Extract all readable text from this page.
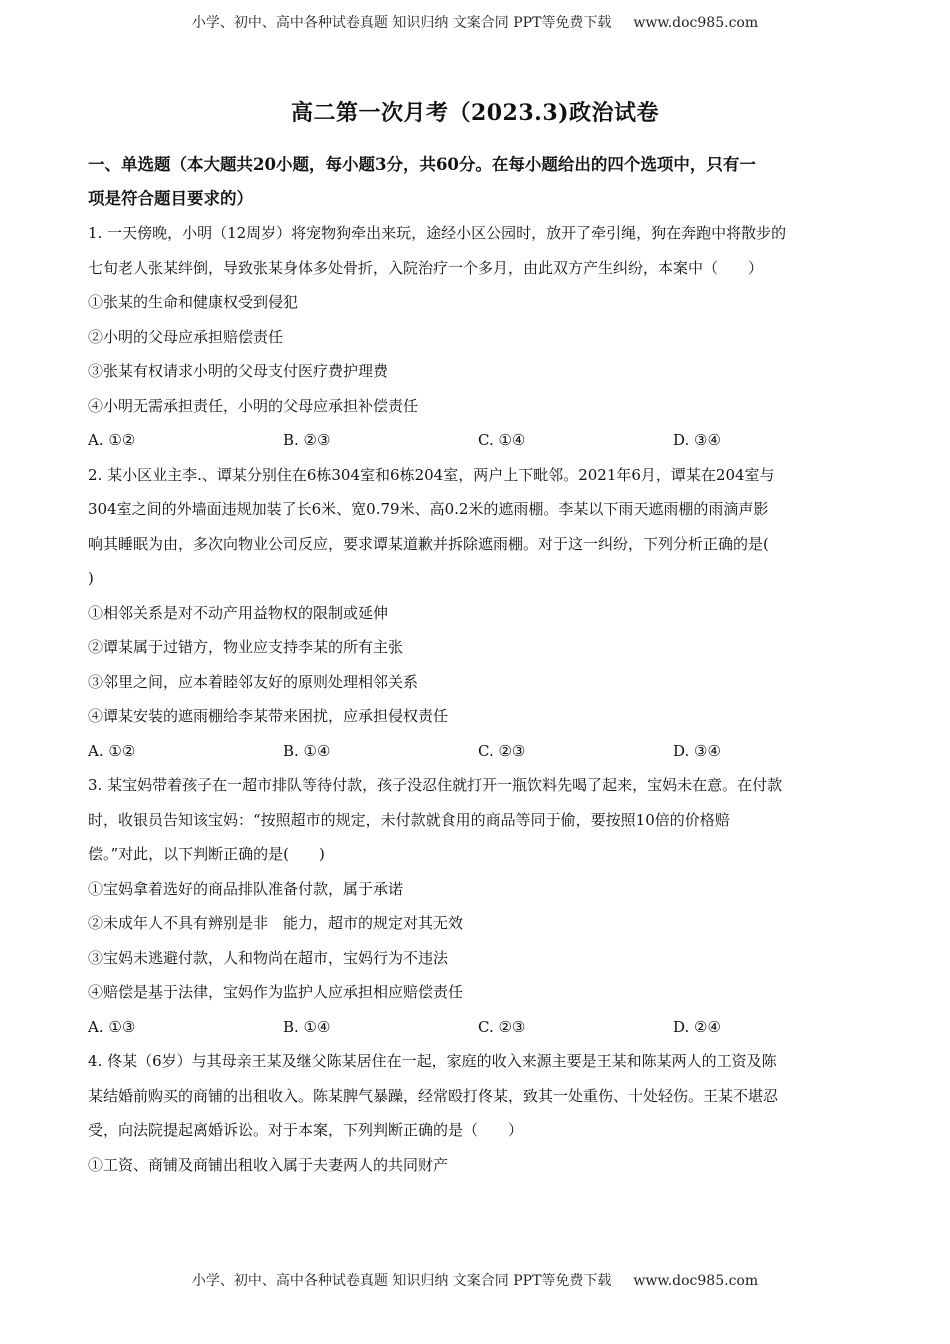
小学、初中、高中各种试卷真题 知识归纳 文案合同 PPT等免费下载 www.doc985.com
高二第一次月考（2023.3)政治试卷
一、单选题（本大题共20小题，每小题3分，共60分。在每小题给出的四个选项中，只有一
项是符合题目要求的）
1. 一天傍晚，小明（12周岁）将宠物狗牵出来玩，途经小区公园时，放开了牵引绳，狗在奔跑中将散步的
七旬老人张某绊倒，导致张某身体多处骨折，入院治疗一个多月，由此双方产生纠纷，本案中（　　）
①张某的生命和健康权受到侵犯
②小明的父母应承担赔偿责任
③张某有权请求小明的父母支付医疗费护理费
④小明无需承担责任，小明的父母应承担补偿责任
A. ①②	B. ②③	C. ①④	D. ③④
2. 某小区业主李.、谭某分别住在6栋304室和6栋204室，两户上下毗邻。2021年6月，谭某在204室与
304室之间的外墙面违规加装了长6米、宽0.79米、高0.2米的遮雨棚。李某以下雨天遮雨棚的雨滴声影
响其睡眠为由，多次向物业公司反应，要求谭某道歉并拆除遮雨棚。对于这一纠纷，下列分析正确的是(
)
①相邻关系是对不动产用益物权的限制或延伸
②谭某属于过错方，物业应支持李某的所有主张
③邻里之间，应本着睦邻友好的原则处理相邻关系
④谭某安装的遮雨棚给李某带来困扰，应承担侵权责任
A. ①②	B. ①④	C. ②③	D. ③④
3. 某宝妈带着孩子在一超市排队等待付款，孩子没忍住就打开一瓶饮料先喝了起来，宝妈未在意。在付款
时，收银员告知该宝妈：“按照超市的规定，未付款就食用的商品等同于偷，要按照10倍的价格赔
偿。”对此，以下判断正确的是(　　)
①宝妈拿着选好的商品排队准备付款，属于承诺
②未成年人不具有辨别是非　能力，超市的规定对其无效
③宝妈未逃避付款，人和物尚在超市，宝妈行为不违法
④赔偿是基于法律，宝妈作为监护人应承担相应赔偿责任
A. ①③	B. ①④	C. ②③	D. ②④
4. 佟某（6岁）与其母亲王某及继父陈某居住在一起，家庭的收入来源主要是王某和陈某两人的工资及陈
某结婚前购买的商铺的出租收入。陈某脾气暴躁，经常殴打佟某，致其一处重伤、十处轻伤。王某不堪忍
受，向法院提起离婚诉讼。对于本案，下列判断正确的是（　　）
①工资、商铺及商铺出租收入属于夫妻两人的共同财产
小学、初中、高中各种试卷真题 知识归纳 文案合同 PPT等免费下载 www.doc985.com
